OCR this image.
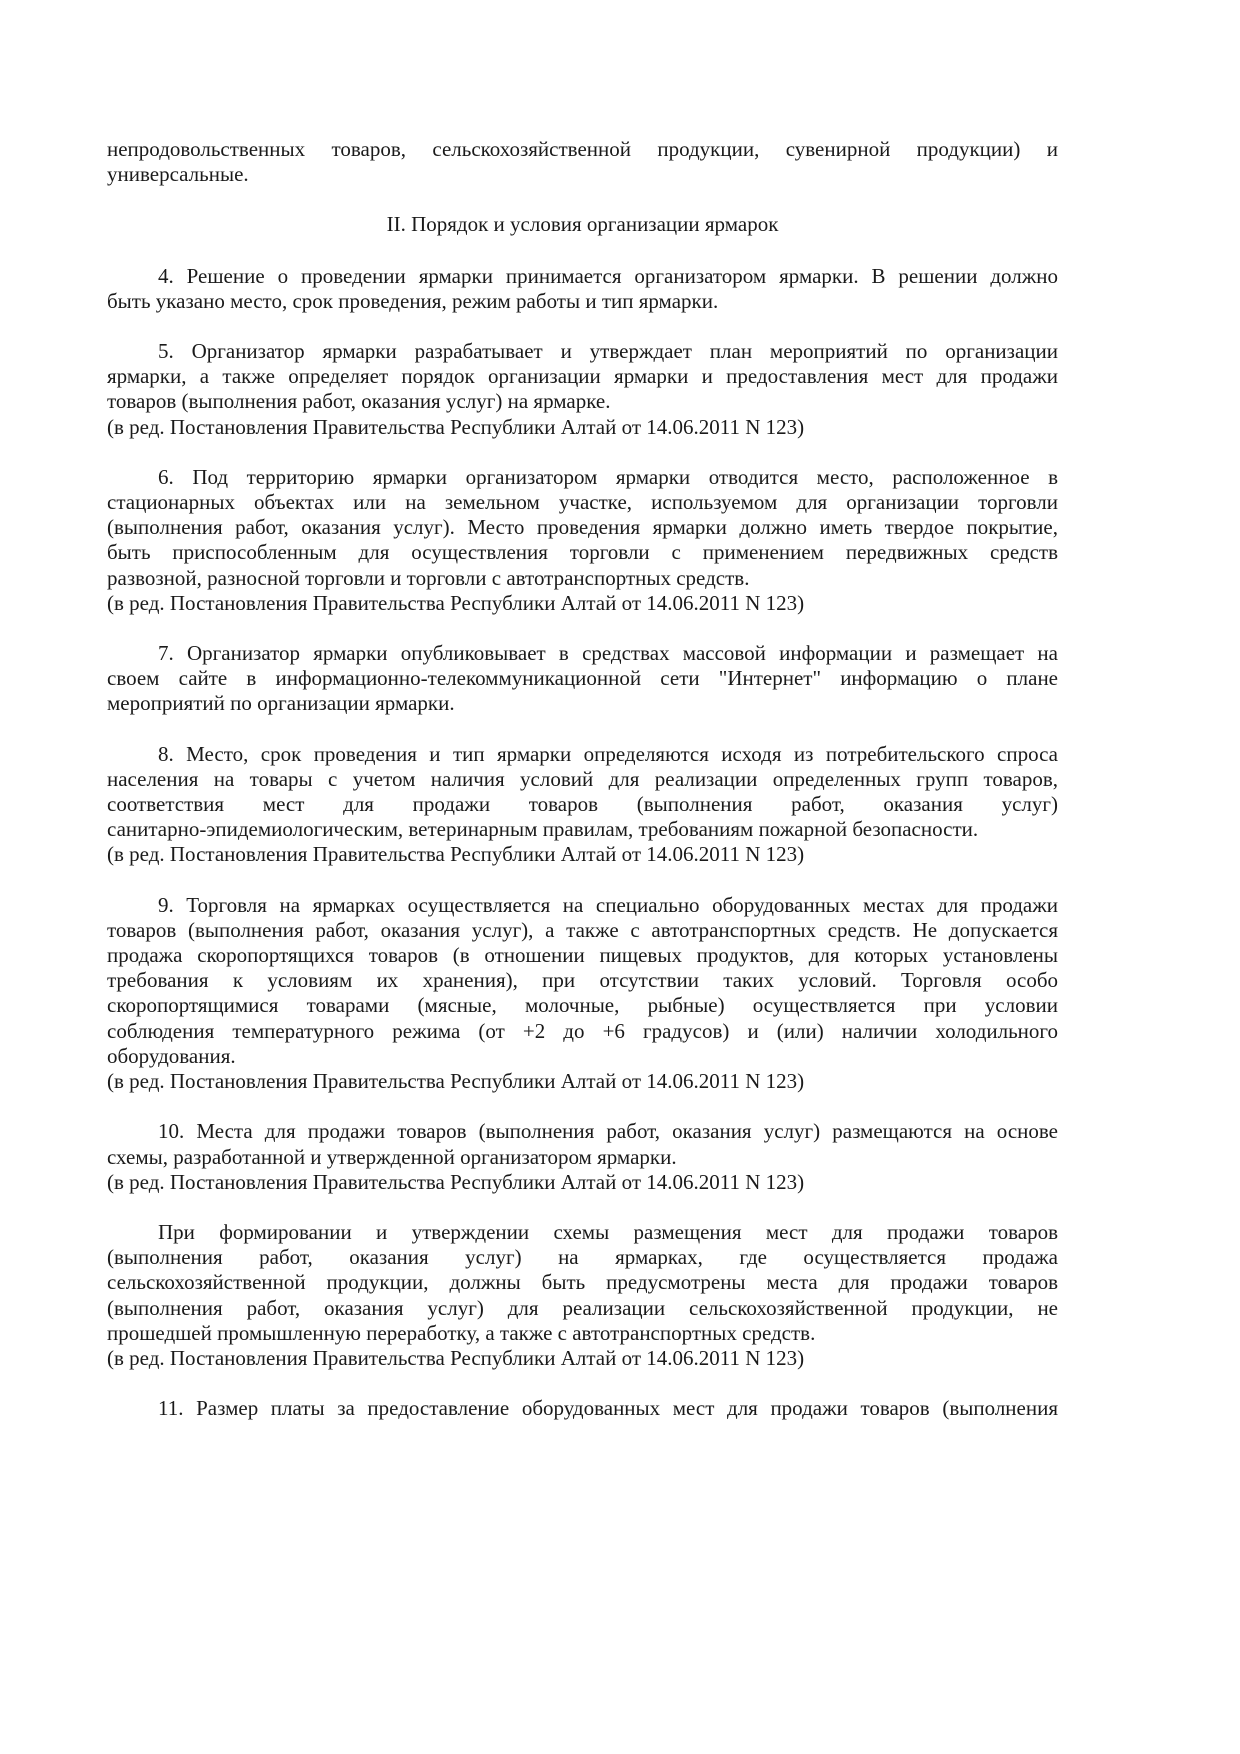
непродовольственных товаров, сельскохозяйственной продукции, сувенирной продукции) и
универсальные.
II. Порядок и условия организации ярмарок
4. Решение о проведении ярмарки принимается организатором ярмарки. В решении должно
быть указано место, срок проведения, режим работы и тип ярмарки.
5. Организатор ярмарки разрабатывает и утверждает план мероприятий по организации
ярмарки, а также определяет порядок организации ярмарки и предоставления мест для продажи
товаров (выполнения работ, оказания услуг) на ярмарке.
(в ред. Постановления Правительства Республики Алтай от 14.06.2011 N 123)
6. Под территорию ярмарки организатором ярмарки отводится место, расположенное в
стационарных объектах или на земельном участке, используемом для организации торговли
(выполнения работ, оказания услуг). Место проведения ярмарки должно иметь твердое покрытие,
быть приспособленным для осуществления торговли с применением передвижных средств
развозной, разносной торговли и торговли с автотранспортных средств.
(в ред. Постановления Правительства Республики Алтай от 14.06.2011 N 123)
7. Организатор ярмарки опубликовывает в средствах массовой информации и размещает на
своем сайте в информационно-телекоммуникационной сети "Интернет" информацию о плане
мероприятий по организации ярмарки.
8. Место, срок проведения и тип ярмарки определяются исходя из потребительского спроса
населения на товары с учетом наличия условий для реализации определенных групп товаров,
соответствия мест для продажи товаров (выполнения работ, оказания услуг)
санитарно-эпидемиологическим, ветеринарным правилам, требованиям пожарной безопасности.
(в ред. Постановления Правительства Республики Алтай от 14.06.2011 N 123)
9. Торговля на ярмарках осуществляется на специально оборудованных местах для продажи
товаров (выполнения работ, оказания услуг), а также с автотранспортных средств. Не допускается
продажа скоропортящихся товаров (в отношении пищевых продуктов, для которых установлены
требования к условиям их хранения), при отсутствии таких условий. Торговля особо
скоропортящимися товарами (мясные, молочные, рыбные) осуществляется при условии
соблюдения температурного режима (от +2 до +6 градусов) и (или) наличии холодильного
оборудования.
(в ред. Постановления Правительства Республики Алтай от 14.06.2011 N 123)
10. Места для продажи товаров (выполнения работ, оказания услуг) размещаются на основе
схемы, разработанной и утвержденной организатором ярмарки.
(в ред. Постановления Правительства Республики Алтай от 14.06.2011 N 123)
При формировании и утверждении схемы размещения мест для продажи товаров
(выполнения работ, оказания услуг) на ярмарках, где осуществляется продажа
сельскохозяйственной продукции, должны быть предусмотрены места для продажи товаров
(выполнения работ, оказания услуг) для реализации сельскохозяйственной продукции, не
прошедшей промышленную переработку, а также с автотранспортных средств.
(в ред. Постановления Правительства Республики Алтай от 14.06.2011 N 123)
11. Размер платы за предоставление оборудованных мест для продажи товаров (выполнения
